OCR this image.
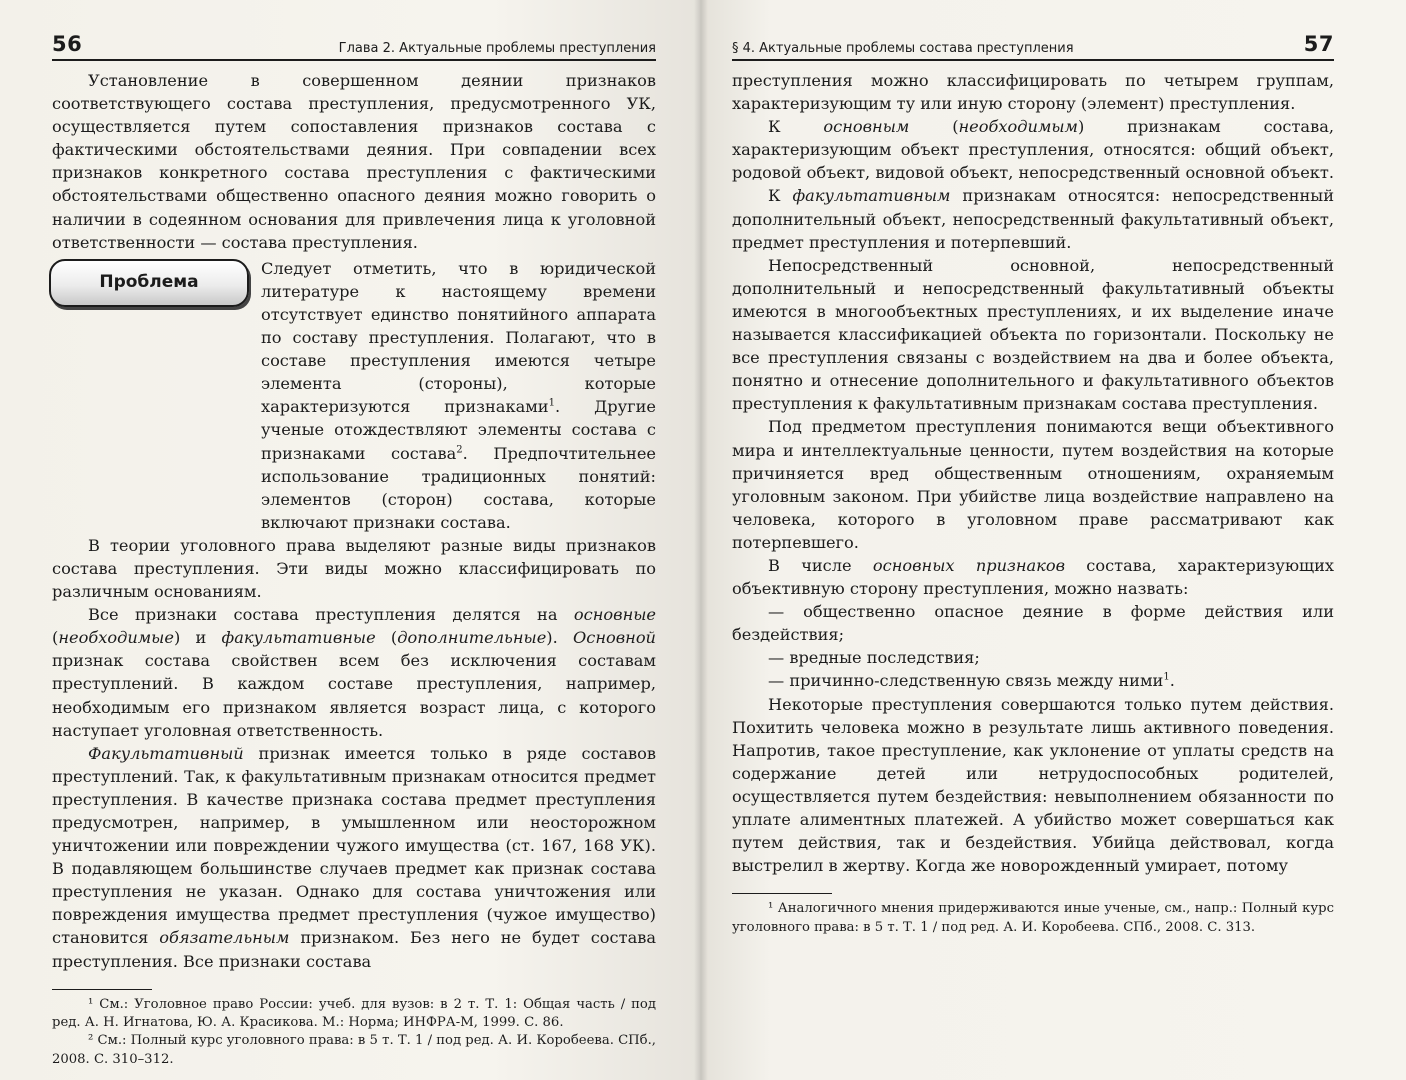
56	Глава 2. Актуальные проблемы преступления

Установление в совершенном деянии признаков соответствующего состава преступления, предусмотренного УК, осуществляется путем сопоставления признаков состава с фактическими обстоятельствами деяния. При совпадении всех признаков конкретного состава преступления с фактическими обстоятельствами общественно опасного деяния можно говорить о наличии в содеянном основания для привлечения лица к уголовной ответственности — состава преступления.

Проблема
Следует отметить, что в юридической литературе к настоящему времени отсутствует единство понятийного аппарата по составу преступления. Полагают, что в составе преступления имеются четыре элемента (стороны), которые характеризуются признаками$^1$. Другие ученые отождествляют элементы состава с признаками состава$^2$. Предпочтительнее использование традиционных понятий: элементов (сторон) состава, которые включают признаки состава.

В теории уголовного права выделяют разные виды признаков состава преступления. Эти виды можно классифицировать по различным основаниям.

Все признаки состава преступления делятся на основные (необходимые) и факультативные (дополнительные). Основной признак состава свойствен всем без исключения составам преступлений. В каждом составе преступления, например, необходимым его признаком является возраст лица, с которого наступает уголовная ответственность.

Факультативный признак имеется только в ряде составов преступлений. Так, к факультативным признакам относится предмет преступления. В качестве признака состава предмет преступления предусмотрен, например, в умышленном или неосторожном уничтожении или повреждении чужого имущества (ст. 167, 168 УК). В подавляющем большинстве случаев предмет как признак состава преступления не указан. Однако для состава уничтожения или повреждения имущества предмет преступления (чужое имущество) становится обязательным признаком. Без него не будет состава преступления. Все признаки состава

¹ См.: Уголовное право России: учеб. для вузов: в 2 т. Т. 1: Общая часть / под ред. А. Н. Игнатова, Ю. А. Красикова. М.: Норма; ИНФРА-М, 1999. С. 86.

² См.: Полный курс уголовного права: в 5 т. Т. 1 / под ред. А. И. Коробеева. СПб., 2008. С. 310–312.

§ 4. Актуальные проблемы состава преступления	57

преступления можно классифицировать по четырем группам, характеризующим ту или иную сторону (элемент) преступления.

К основным (необходимым) признакам состава, характеризующим объект преступления, относятся: общий объект, родовой объект, видовой объект, непосредственный основной объект.

К факультативным признакам относятся: непосредственный дополнительный объект, непосредственный факультативный объект, предмет преступления и потерпевший.

Непосредственный основной, непосредственный дополнительный и непосредственный факультативный объекты имеются в многообъектных преступлениях, и их выделение иначе называется классификацией объекта по горизонтали. Поскольку не все преступления связаны с воздействием на два и более объекта, понятно и отнесение дополнительного и факультативного объектов преступления к факультативным признакам состава преступления.

Под предметом преступления понимаются вещи объективного мира и интеллектуальные ценности, путем воздействия на которые причиняется вред общественным отношениям, охраняемым уголовным законом. При убийстве лица воздействие направлено на человека, которого в уголовном праве рассматривают как потерпевшего.

В числе основных признаков состава, характеризующих объективную сторону преступления, можно назвать:

— общественно опасное деяние в форме действия или бездействия;

— вредные последствия;

— причинно-следственную связь между ними$^1$.

Некоторые преступления совершаются только путем действия. Похитить человека можно в результате лишь активного поведения. Напротив, такое преступление, как уклонение от уплаты средств на содержание детей или нетрудоспособных родителей, осуществляется путем бездействия: невыполнением обязанности по уплате алиментных платежей. А убийство может совершаться как путем действия, так и бездействия. Убийца действовал, когда выстрелил в жертву. Когда же новорожденный умирает, потому

¹ Аналогичного мнения придерживаются иные ученые, см., напр.: Полный курс уголовного права: в 5 т. Т. 1 / под ред. А. И. Коробеева. СПб., 2008. С. 313.
